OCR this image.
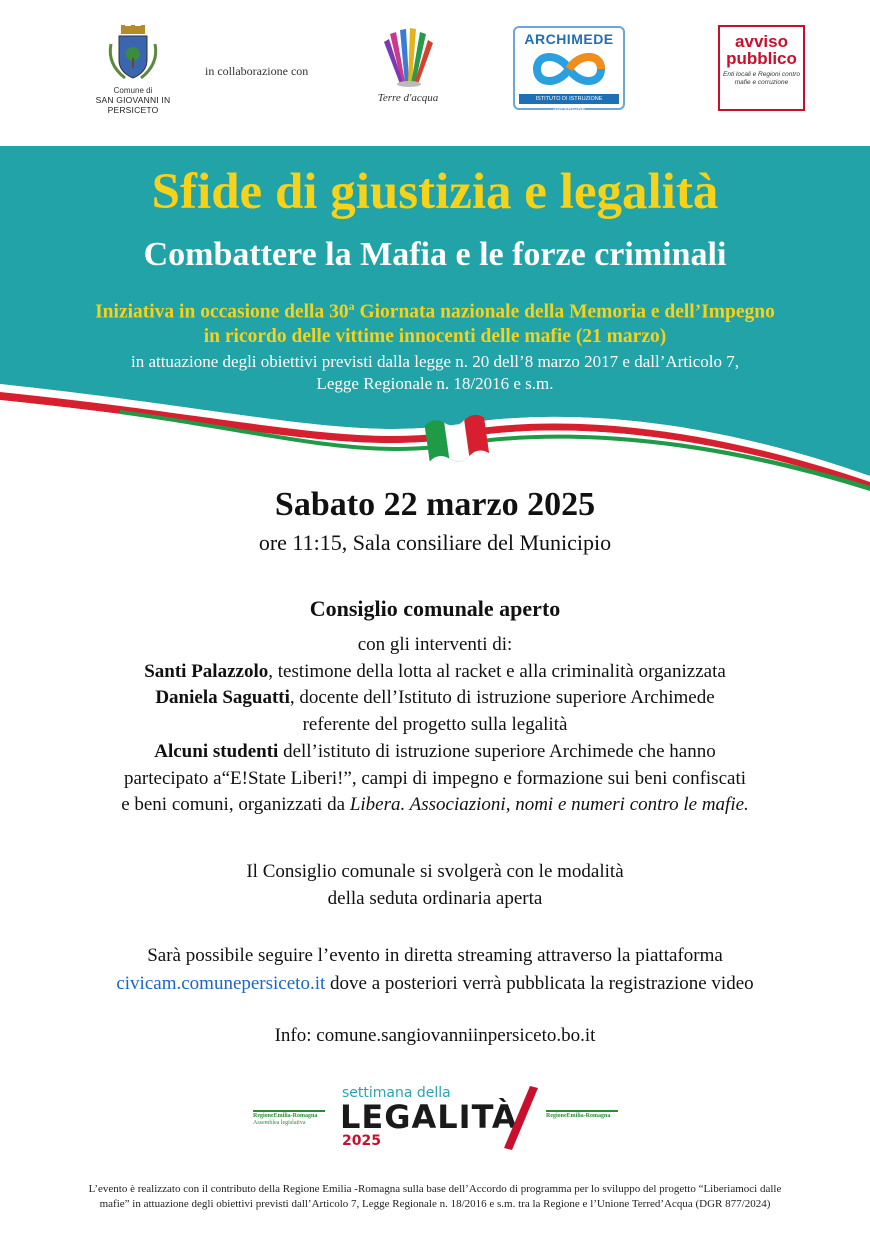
Comune di
SAN GIOVANNI IN PERSICETO
in collaborazione con
Terre d'acqua
ARCHIMEDE
ISTITUTO DI ISTRUZIONE SUPERIORE
avviso
pubblico
Enti locali e Regioni contro mafie e corruzione
Sfide di giustizia e legalità
Combattere la Mafia e le forze criminali
Iniziativa in occasione della 30$^a$ Giornata nazionale della Memoria e dell’Impegno
in ricordo delle vittime innocenti delle mafie (21 marzo)
in attuazione degli obiettivi previsti dalla legge n. 20 dell’8 marzo 2017 e dall’Articolo 7,
Legge Regionale n. 18/2016 e s.m.
Sabato 22 marzo 2025
ore 11:15, Sala consiliare del Municipio
Consiglio comunale aperto
con gli interventi di:
Santi Palazzolo, testimone della lotta al racket e alla criminalità organizzata
Daniela Saguatti, docente dell’Istituto di istruzione superiore Archimede
referente del progetto sulla legalità
Alcuni studenti dell’istituto di istruzione superiore Archimede che hanno
partecipato a“E!State Liberi!”, campi di impegno e formazione sui beni confiscati
e beni comuni, organizzati da Libera. Associazioni, nomi e numeri contro le mafie.
Il Consiglio comunale si svolgerà con le modalità
della seduta ordinaria aperta
Sarà possibile seguire l’evento in diretta streaming attraverso la piattaforma
civicam.comunepersiceto.it dove a posteriori verrà pubblicata la registrazione video
Info: comune.sangiovanniinpersiceto.bo.it
RegioneEmilia-Romagna
Assemblea legislativa
settimana della
LEGALITÀ
2025
RegioneEmilia-Romagna
L’evento è realizzato con il contributo della Regione Emilia -Romagna sulla base dell’Accordo di programma per lo sviluppo del progetto “Liberiamoci dalle
mafie” in attuazione degli obiettivi previsti dall’Articolo 7, Legge Regionale n. 18/2016 e s.m. tra la Regione e l’Unione Terred’Acqua (DGR 877/2024)
